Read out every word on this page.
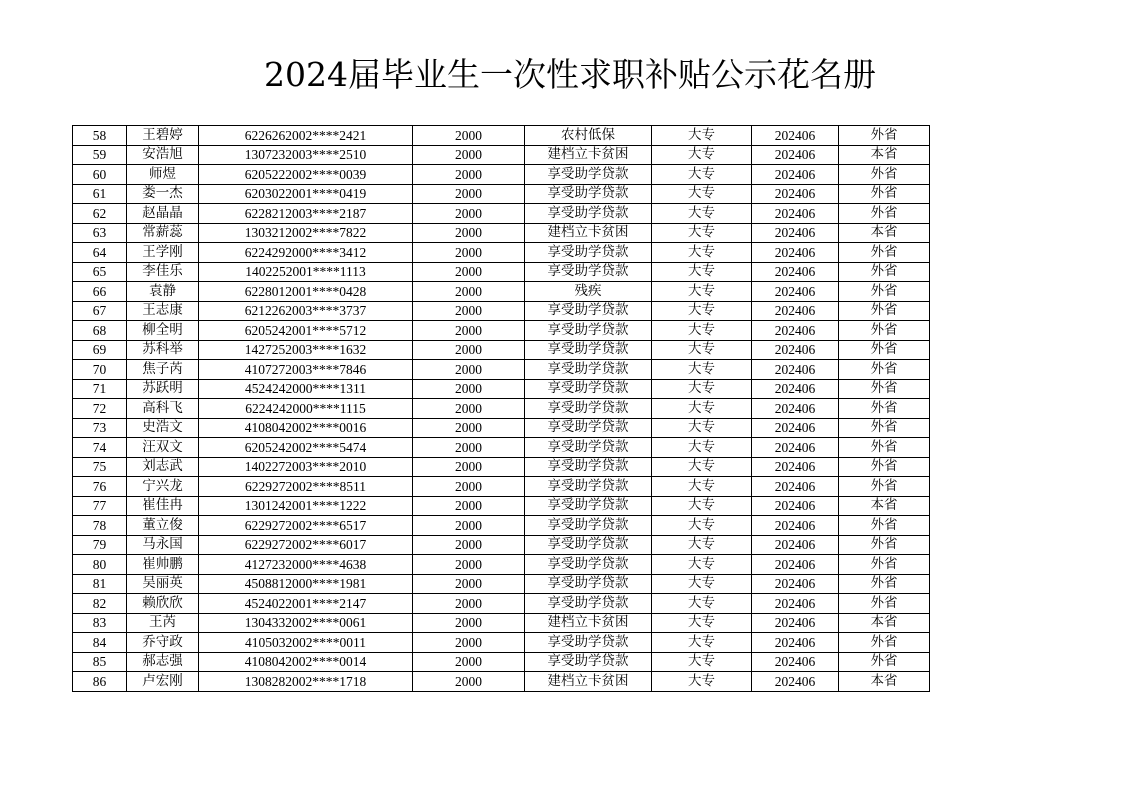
2024届毕业生一次性求职补贴公示花名册
58	王碧婷	6226262002****2421	2000	农村低保	大专	202406	外省
59	安浩旭	1307232003****2510	2000	建档立卡贫困	大专	202406	本省
60	师煜	6205222002****0039	2000	享受助学贷款	大专	202406	外省
61	娄一杰	6203022001****0419	2000	享受助学贷款	大专	202406	外省
62	赵晶晶	6228212003****2187	2000	享受助学贷款	大专	202406	外省
63	常薪蕊	1303212002****7822	2000	建档立卡贫困	大专	202406	本省
64	王学刚	6224292000****3412	2000	享受助学贷款	大专	202406	外省
65	李佳乐	1402252001****1113	2000	享受助学贷款	大专	202406	外省
66	袁静	6228012001****0428	2000	残疾	大专	202406	外省
67	王志康	6212262003****3737	2000	享受助学贷款	大专	202406	外省
68	柳全明	6205242001****5712	2000	享受助学贷款	大专	202406	外省
69	苏科举	1427252003****1632	2000	享受助学贷款	大专	202406	外省
70	焦子芮	4107272003****7846	2000	享受助学贷款	大专	202406	外省
71	苏跃明	4524242000****1311	2000	享受助学贷款	大专	202406	外省
72	高科飞	6224242000****1115	2000	享受助学贷款	大专	202406	外省
73	史浩文	4108042002****0016	2000	享受助学贷款	大专	202406	外省
74	汪双文	6205242002****5474	2000	享受助学贷款	大专	202406	外省
75	刘志武	1402272003****2010	2000	享受助学贷款	大专	202406	外省
76	宁兴龙	6229272002****8511	2000	享受助学贷款	大专	202406	外省
77	崔佳冉	1301242001****1222	2000	享受助学贷款	大专	202406	本省
78	董立俊	6229272002****6517	2000	享受助学贷款	大专	202406	外省
79	马永国	6229272002****6017	2000	享受助学贷款	大专	202406	外省
80	崔帅鹏	4127232000****4638	2000	享受助学贷款	大专	202406	外省
81	吴丽英	4508812000****1981	2000	享受助学贷款	大专	202406	外省
82	赖欣欣	4524022001****2147	2000	享受助学贷款	大专	202406	外省
83	王芮	1304332002****0061	2000	建档立卡贫困	大专	202406	本省
84	乔守政	4105032002****0011	2000	享受助学贷款	大专	202406	外省
85	郝志强	4108042002****0014	2000	享受助学贷款	大专	202406	外省
86	卢宏刚	1308282002****1718	2000	建档立卡贫困	大专	202406	本省
